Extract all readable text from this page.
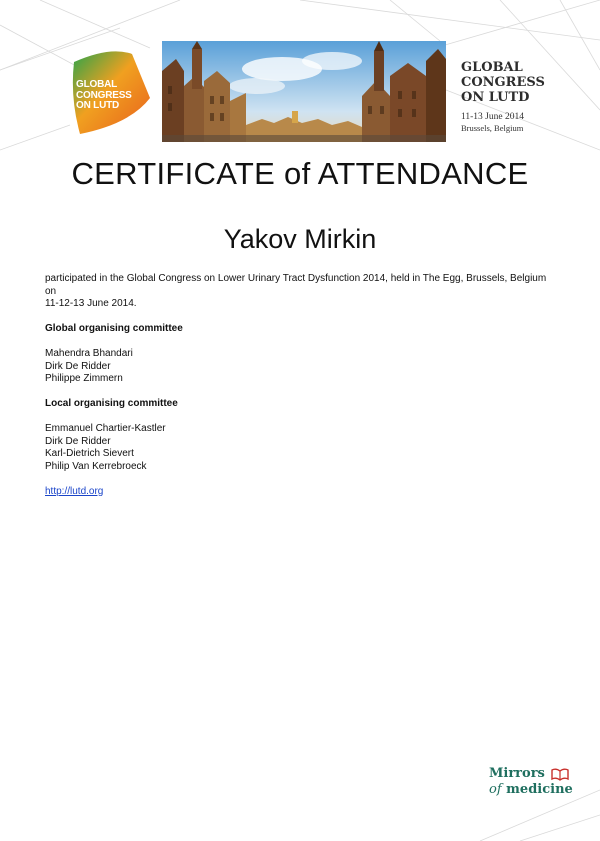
GLOBAL
CONGRESS
ON LUTD
GLOBAL
CONGRESS
ON LUTD
11-13 June 2014
Brussels, Belgium
CERTIFICATE of ATTENDANCE
Yakov Mirkin

participated in the Global Congress on Lower Urinary Tract Dysfunction 2014, held in The Egg, Brussels, Belgium on

11-12-13 June 2014.

Global organising committee

Mahendra Bhandari

Dirk De Ridder

Philippe Zimmern

Local organising committee

Emmanuel Chartier-Kastler

Dirk De Ridder

Karl-Dietrich Sievert

Philip Van Kerrebroeck

http://lutd.org

Mirrors
of medicine
